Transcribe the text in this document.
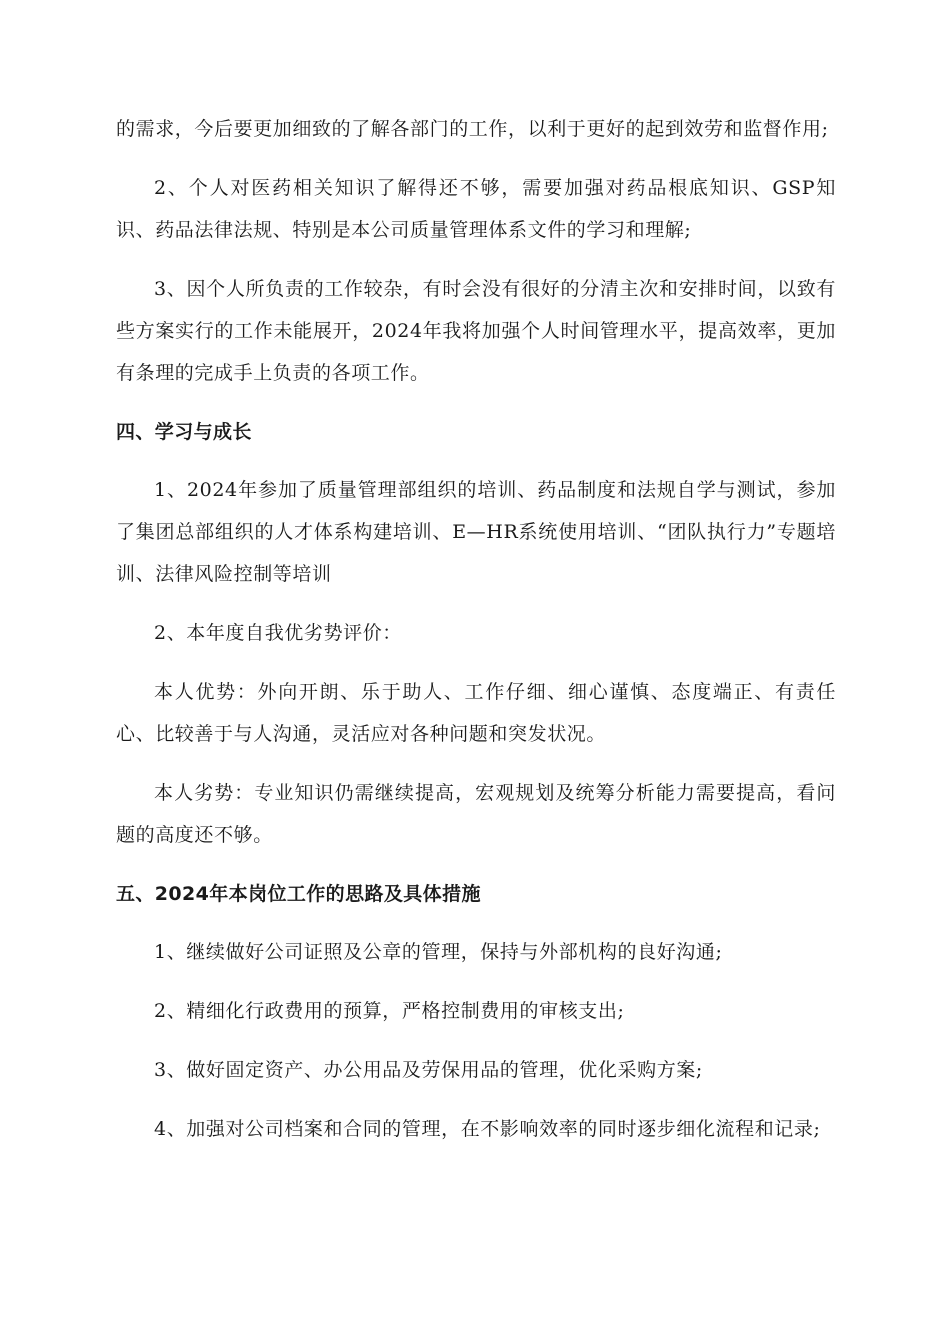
的需求，今后要更加细致的了解各部门的工作，以利于更好的起到效劳和监督作用;

2、个人对医药相关知识了解得还不够，需要加强对药品根底知识、GSP知识、药品法律法规、特别是本公司质量管理体系文件的学习和理解;

3、因个人所负责的工作较杂，有时会没有很好的分清主次和安排时间，以致有些方案实行的工作未能展开，2024年我将加强个人时间管理水平，提高效率，更加有条理的完成手上负责的各项工作。

四、学习与成长

1、2024年参加了质量管理部组织的培训、药品制度和法规自学与测试，参加了集团总部组织的人才体系构建培训、E—HR系统使用培训、“团队执行力”专题培训、法律风险控制等培训

2、本年度自我优劣势评价：

本人优势：外向开朗、乐于助人、工作仔细、细心谨慎、态度端正、有责任心、比较善于与人沟通，灵活应对各种问题和突发状况。

本人劣势：专业知识仍需继续提高，宏观规划及统筹分析能力需要提高，看问题的高度还不够。

五、2024年本岗位工作的思路及具体措施

1、继续做好公司证照及公章的管理，保持与外部机构的良好沟通;

2、精细化行政费用的预算，严格控制费用的审核支出;

3、做好固定资产、办公用品及劳保用品的管理，优化采购方案;

4、加强对公司档案和合同的管理，在不影响效率的同时逐步细化流程和记录;
